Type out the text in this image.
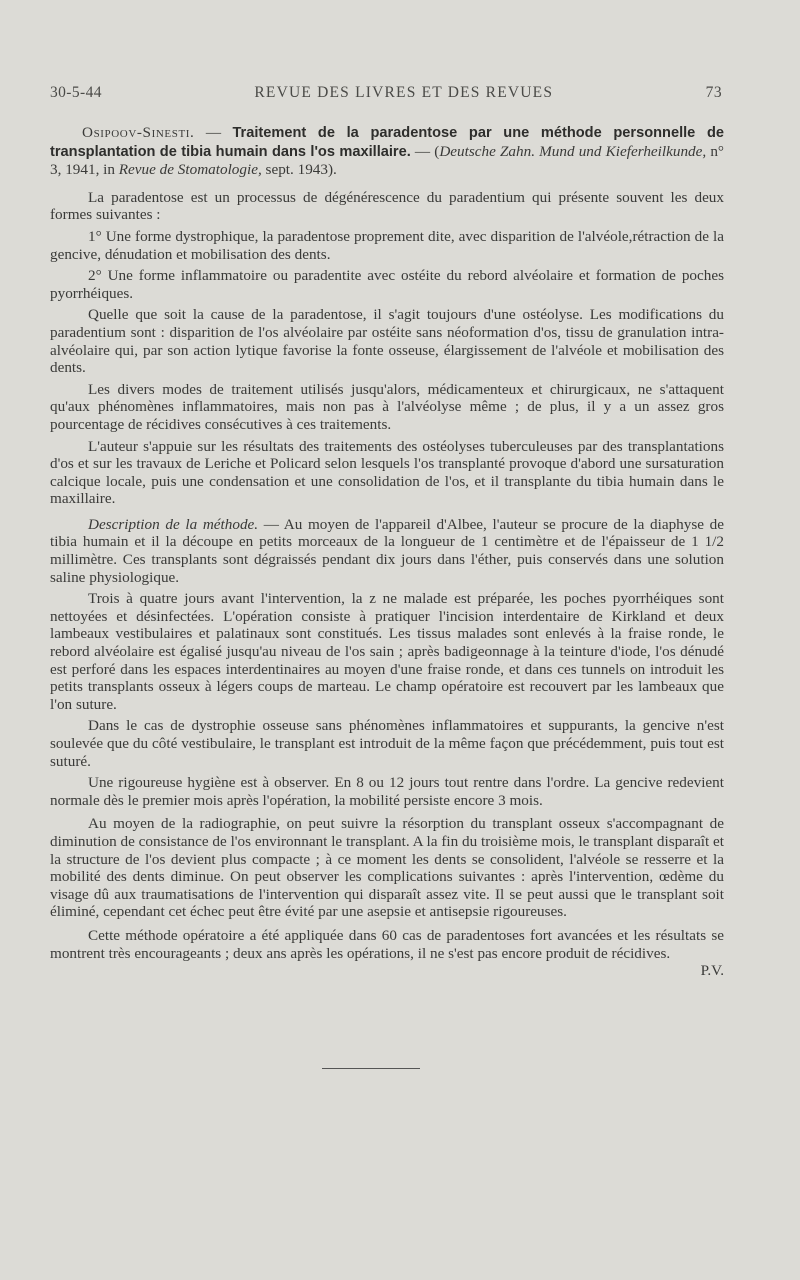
30-5-44	REVUE DES LIVRES ET DES REVUES	73

Osipoov-Sinesti. — Traitement de la paradentose par une méthode personnelle de transplantation de tibia humain dans l'os maxillaire. — (Deutsche Zahn. Mund und Kieferheilkunde, n° 3, 1941, in Revue de Stomatologie, sept. 1943).

La paradentose est un processus de dégénérescence du paradentium qui présente souvent les deux formes suivantes :

1° Une forme dystrophique, la paradentose proprement dite, avec disparition de l'alvéole,rétraction de la gencive, dénudation et mobilisation des dents.

2° Une forme inflammatoire ou paradentite avec ostéite du rebord alvéolaire et formation de poches pyorrhéiques.

Quelle que soit la cause de la paradentose, il s'agit toujours d'une ostéolyse. Les modifications du paradentium sont : disparition de l'os alvéolaire par ostéite sans néoformation d'os, tissu de granulation intra-alvéolaire qui, par son action lytique favorise la fonte osseuse, élargissement de l'alvéole et mobilisation des dents.

Les divers modes de traitement utilisés jusqu'alors, médicamenteux et chirurgicaux, ne s'attaquent qu'aux phénomènes inflammatoires, mais non pas à l'alvéolyse même ; de plus, il y a un assez gros pourcentage de récidives consécutives à ces traitements.

L'auteur s'appuie sur les résultats des traitements des ostéolyses tuberculeuses par des transplantations d'os et sur les travaux de Leriche et Policard selon lesquels l'os transplanté provoque d'abord une sursaturation calcique locale, puis une condensation et une consolidation de l'os, et il transplante du tibia humain dans le maxillaire.

Description de la méthode. — Au moyen de l'appareil d'Albee, l'auteur se procure de la diaphyse de tibia humain et il la découpe en petits morceaux de la longueur de 1 centimètre et de l'épaisseur de 1 1/2 millimètre. Ces transplants sont dégraissés pendant dix jours dans l'éther, puis conservés dans une solution saline physiologique.

Trois à quatre jours avant l'intervention, la z ne malade est préparée, les poches pyorrhéiques sont nettoyées et désinfectées. L'opération consiste à pratiquer l'incision interdentaire de Kirkland et deux lambeaux vestibulaires et palatinaux sont constitués. Les tissus malades sont enlevés à la fraise ronde, le rebord alvéolaire est égalisé jusqu'au niveau de l'os sain ; après badigeonnage à la teinture d'iode, l'os dénudé est perforé dans les espaces interdentinaires au moyen d'une fraise ronde, et dans ces tunnels on introduit les petits transplants osseux à légers coups de marteau. Le champ opératoire est recouvert par les lambeaux que l'on suture.

Dans le cas de dystrophie osseuse sans phénomènes inflammatoires et suppurants, la gencive n'est soulevée que du côté vestibulaire, le transplant est introduit de la même façon que précédemment, puis tout est suturé.

Une rigoureuse hygiène est à observer. En 8 ou 12 jours tout rentre dans l'ordre. La gencive redevient normale dès le premier mois après l'opération, la mobilité persiste encore 3 mois.

Au moyen de la radiographie, on peut suivre la résorption du transplant osseux s'accompagnant de diminution de consistance de l'os environnant le transplant. A la fin du troisième mois, le transplant disparaît et la structure de l'os devient plus compacte ; à ce moment les dents se consolident, l'alvéole se resserre et la mobilité des dents diminue. On peut observer les complications suivantes : après l'intervention, œdème du visage dû aux traumatisations de l'intervention qui disparaît assez vite. Il se peut aussi que le transplant soit éliminé, cependant cet échec peut être évité par une asepsie et antisepsie rigoureuses.

Cette méthode opératoire a été appliquée dans 60 cas de paradentoses fort avancées et les résultats se montrent très encourageants ; deux ans après les opérations, il ne s'est pas encore produit de récidives.
P.V.
